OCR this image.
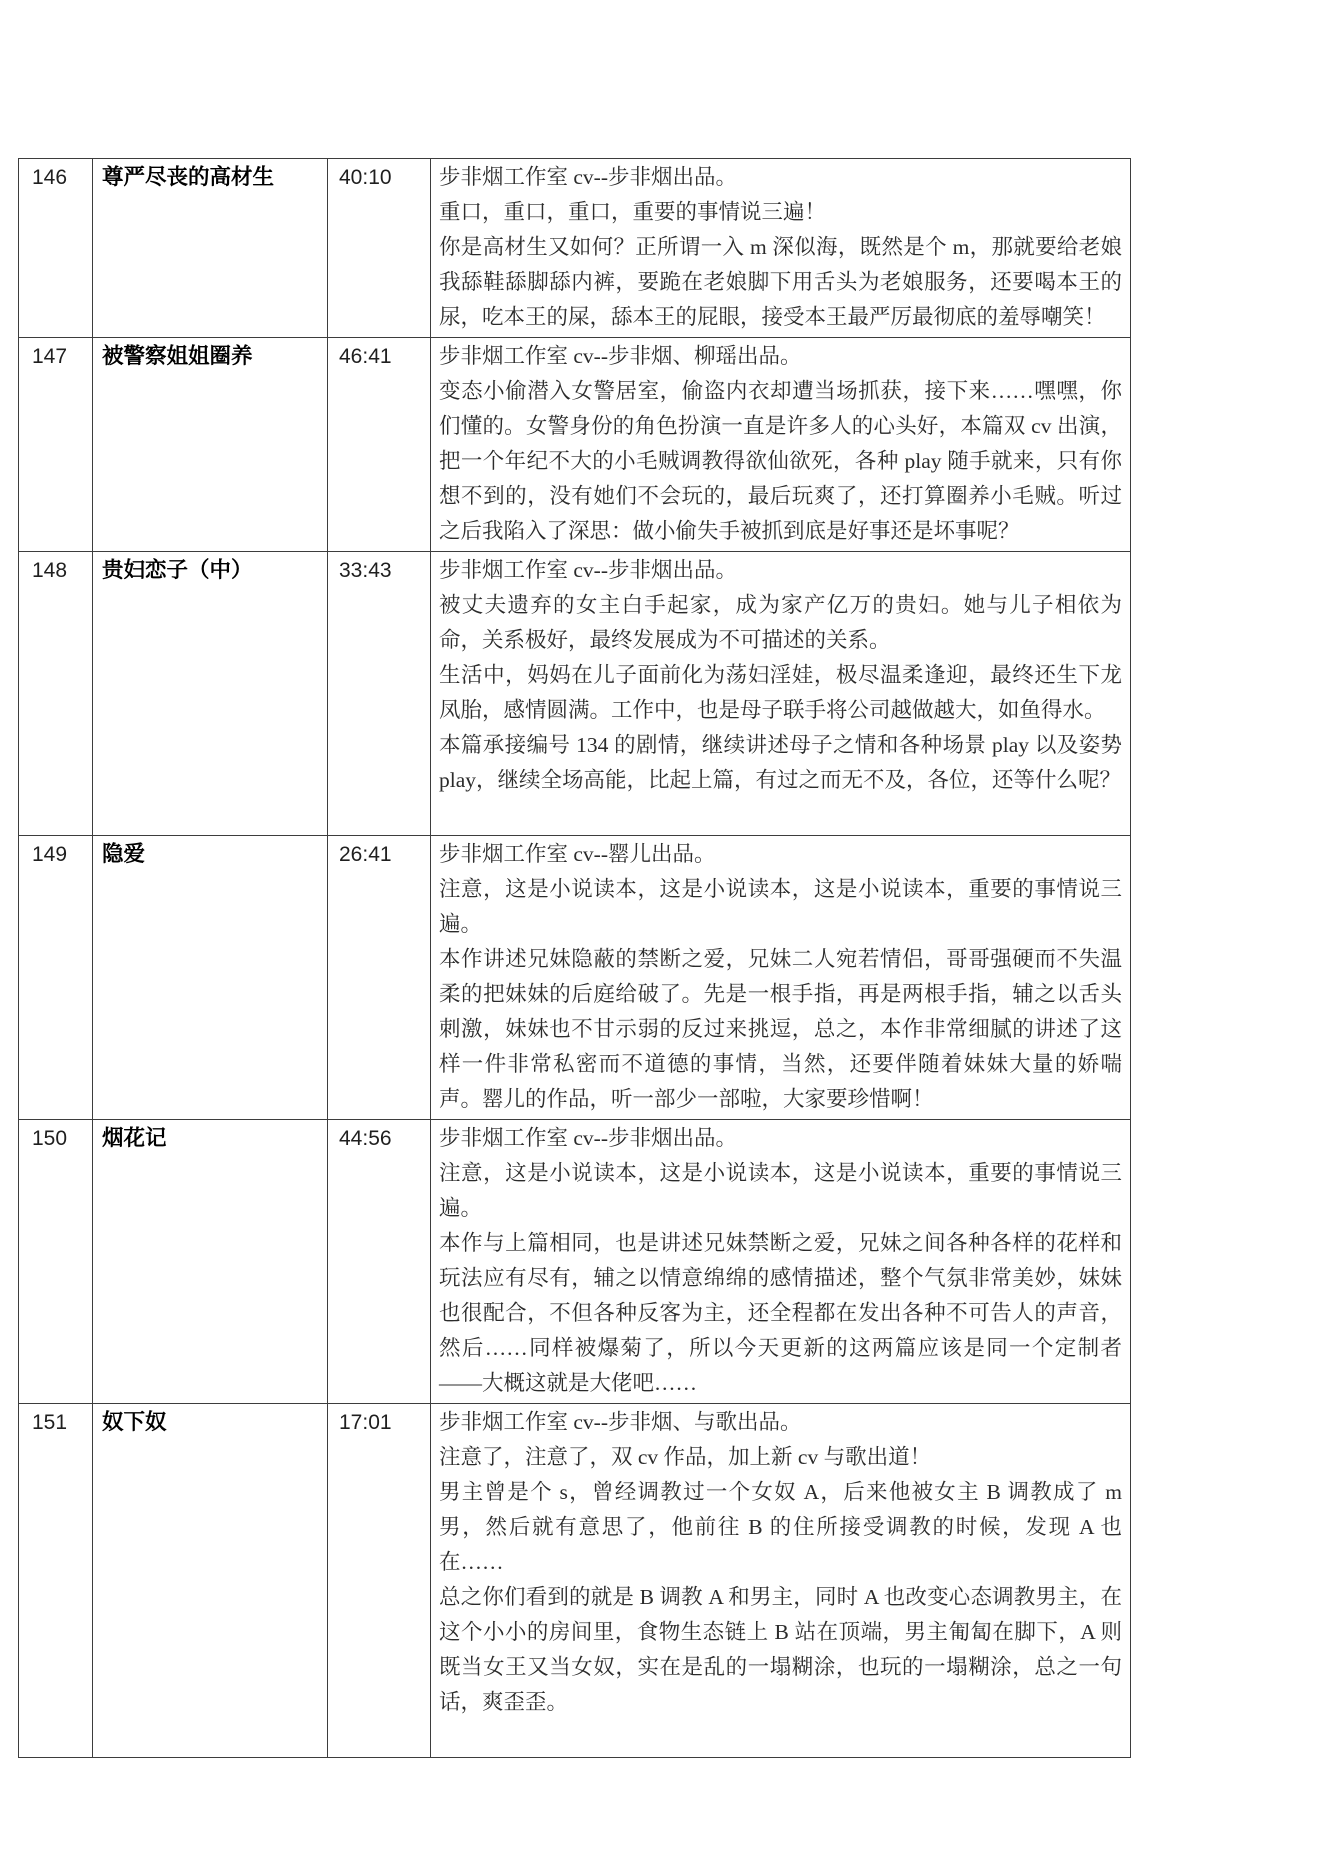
146	尊严尽丧的高材生	40:10	步非烟工作室 cv--步非烟出品。

重口，重口，重口，重要的事情说三遍！

你是高材生又如何？正所谓一入 m 深似海，既然是个 m，那就要给老娘我舔鞋舔脚舔内裤，要跪在老娘脚下用舌头为老娘服务，还要喝本王的尿，吃本王的屎，舔本王的屁眼，接受本王最严厉最彻底的羞辱嘲笑！

147	被警察姐姐圈养	46:41	步非烟工作室 cv--步非烟、柳瑶出品。

变态小偷潜入女警居室，偷盗内衣却遭当场抓获，接下来……嘿嘿，你们懂的。女警身份的角色扮演一直是许多人的心头好，本篇双 cv 出演，把一个年纪不大的小毛贼调教得欲仙欲死，各种 play 随手就来，只有你想不到的，没有她们不会玩的，最后玩爽了，还打算圈养小毛贼。听过之后我陷入了深思：做小偷失手被抓到底是好事还是坏事呢？

148	贵妇恋子（中）	33:43	步非烟工作室 cv--步非烟出品。

被丈夫遗弃的女主白手起家，成为家产亿万的贵妇。她与儿子相依为命，关系极好，最终发展成为不可描述的关系。

生活中，妈妈在儿子面前化为荡妇淫娃，极尽温柔逢迎，最终还生下龙凤胎，感情圆满。工作中，也是母子联手将公司越做越大，如鱼得水。

本篇承接编号 134 的剧情，继续讲述母子之情和各种场景 play 以及姿势 play，继续全场高能，比起上篇，有过之而无不及，各位，还等什么呢？

149	隐爱	26:41	步非烟工作室 cv--罂儿出品。

注意，这是小说读本，这是小说读本，这是小说读本，重要的事情说三遍。

本作讲述兄妹隐蔽的禁断之爱，兄妹二人宛若情侣，哥哥强硬而不失温柔的把妹妹的后庭给破了。先是一根手指，再是两根手指，辅之以舌头刺激，妹妹也不甘示弱的反过来挑逗，总之，本作非常细腻的讲述了这样一件非常私密而不道德的事情，当然，还要伴随着妹妹大量的娇喘声。罂儿的作品，听一部少一部啦，大家要珍惜啊！

150	烟花记	44:56	步非烟工作室 cv--步非烟出品。

注意，这是小说读本，这是小说读本，这是小说读本，重要的事情说三遍。

本作与上篇相同，也是讲述兄妹禁断之爱，兄妹之间各种各样的花样和玩法应有尽有，辅之以情意绵绵的感情描述，整个气氛非常美妙，妹妹也很配合，不但各种反客为主，还全程都在发出各种不可告人的声音，然后……同样被爆菊了，所以今天更新的这两篇应该是同一个定制者——大概这就是大佬吧……

151	奴下奴	17:01	步非烟工作室 cv--步非烟、与歌出品。

注意了，注意了，双 cv 作品，加上新 cv 与歌出道！

男主曾是个 s，曾经调教过一个女奴 A，后来他被女主 B 调教成了 m 男，然后就有意思了，他前往 B 的住所接受调教的时候，发现 A 也在……

总之你们看到的就是 B 调教 A 和男主，同时 A 也改变心态调教男主，在这个小小的房间里，食物生态链上 B 站在顶端，男主匍匐在脚下，A 则既当女王又当女奴，实在是乱的一塌糊涂，也玩的一塌糊涂，总之一句话，爽歪歪。
